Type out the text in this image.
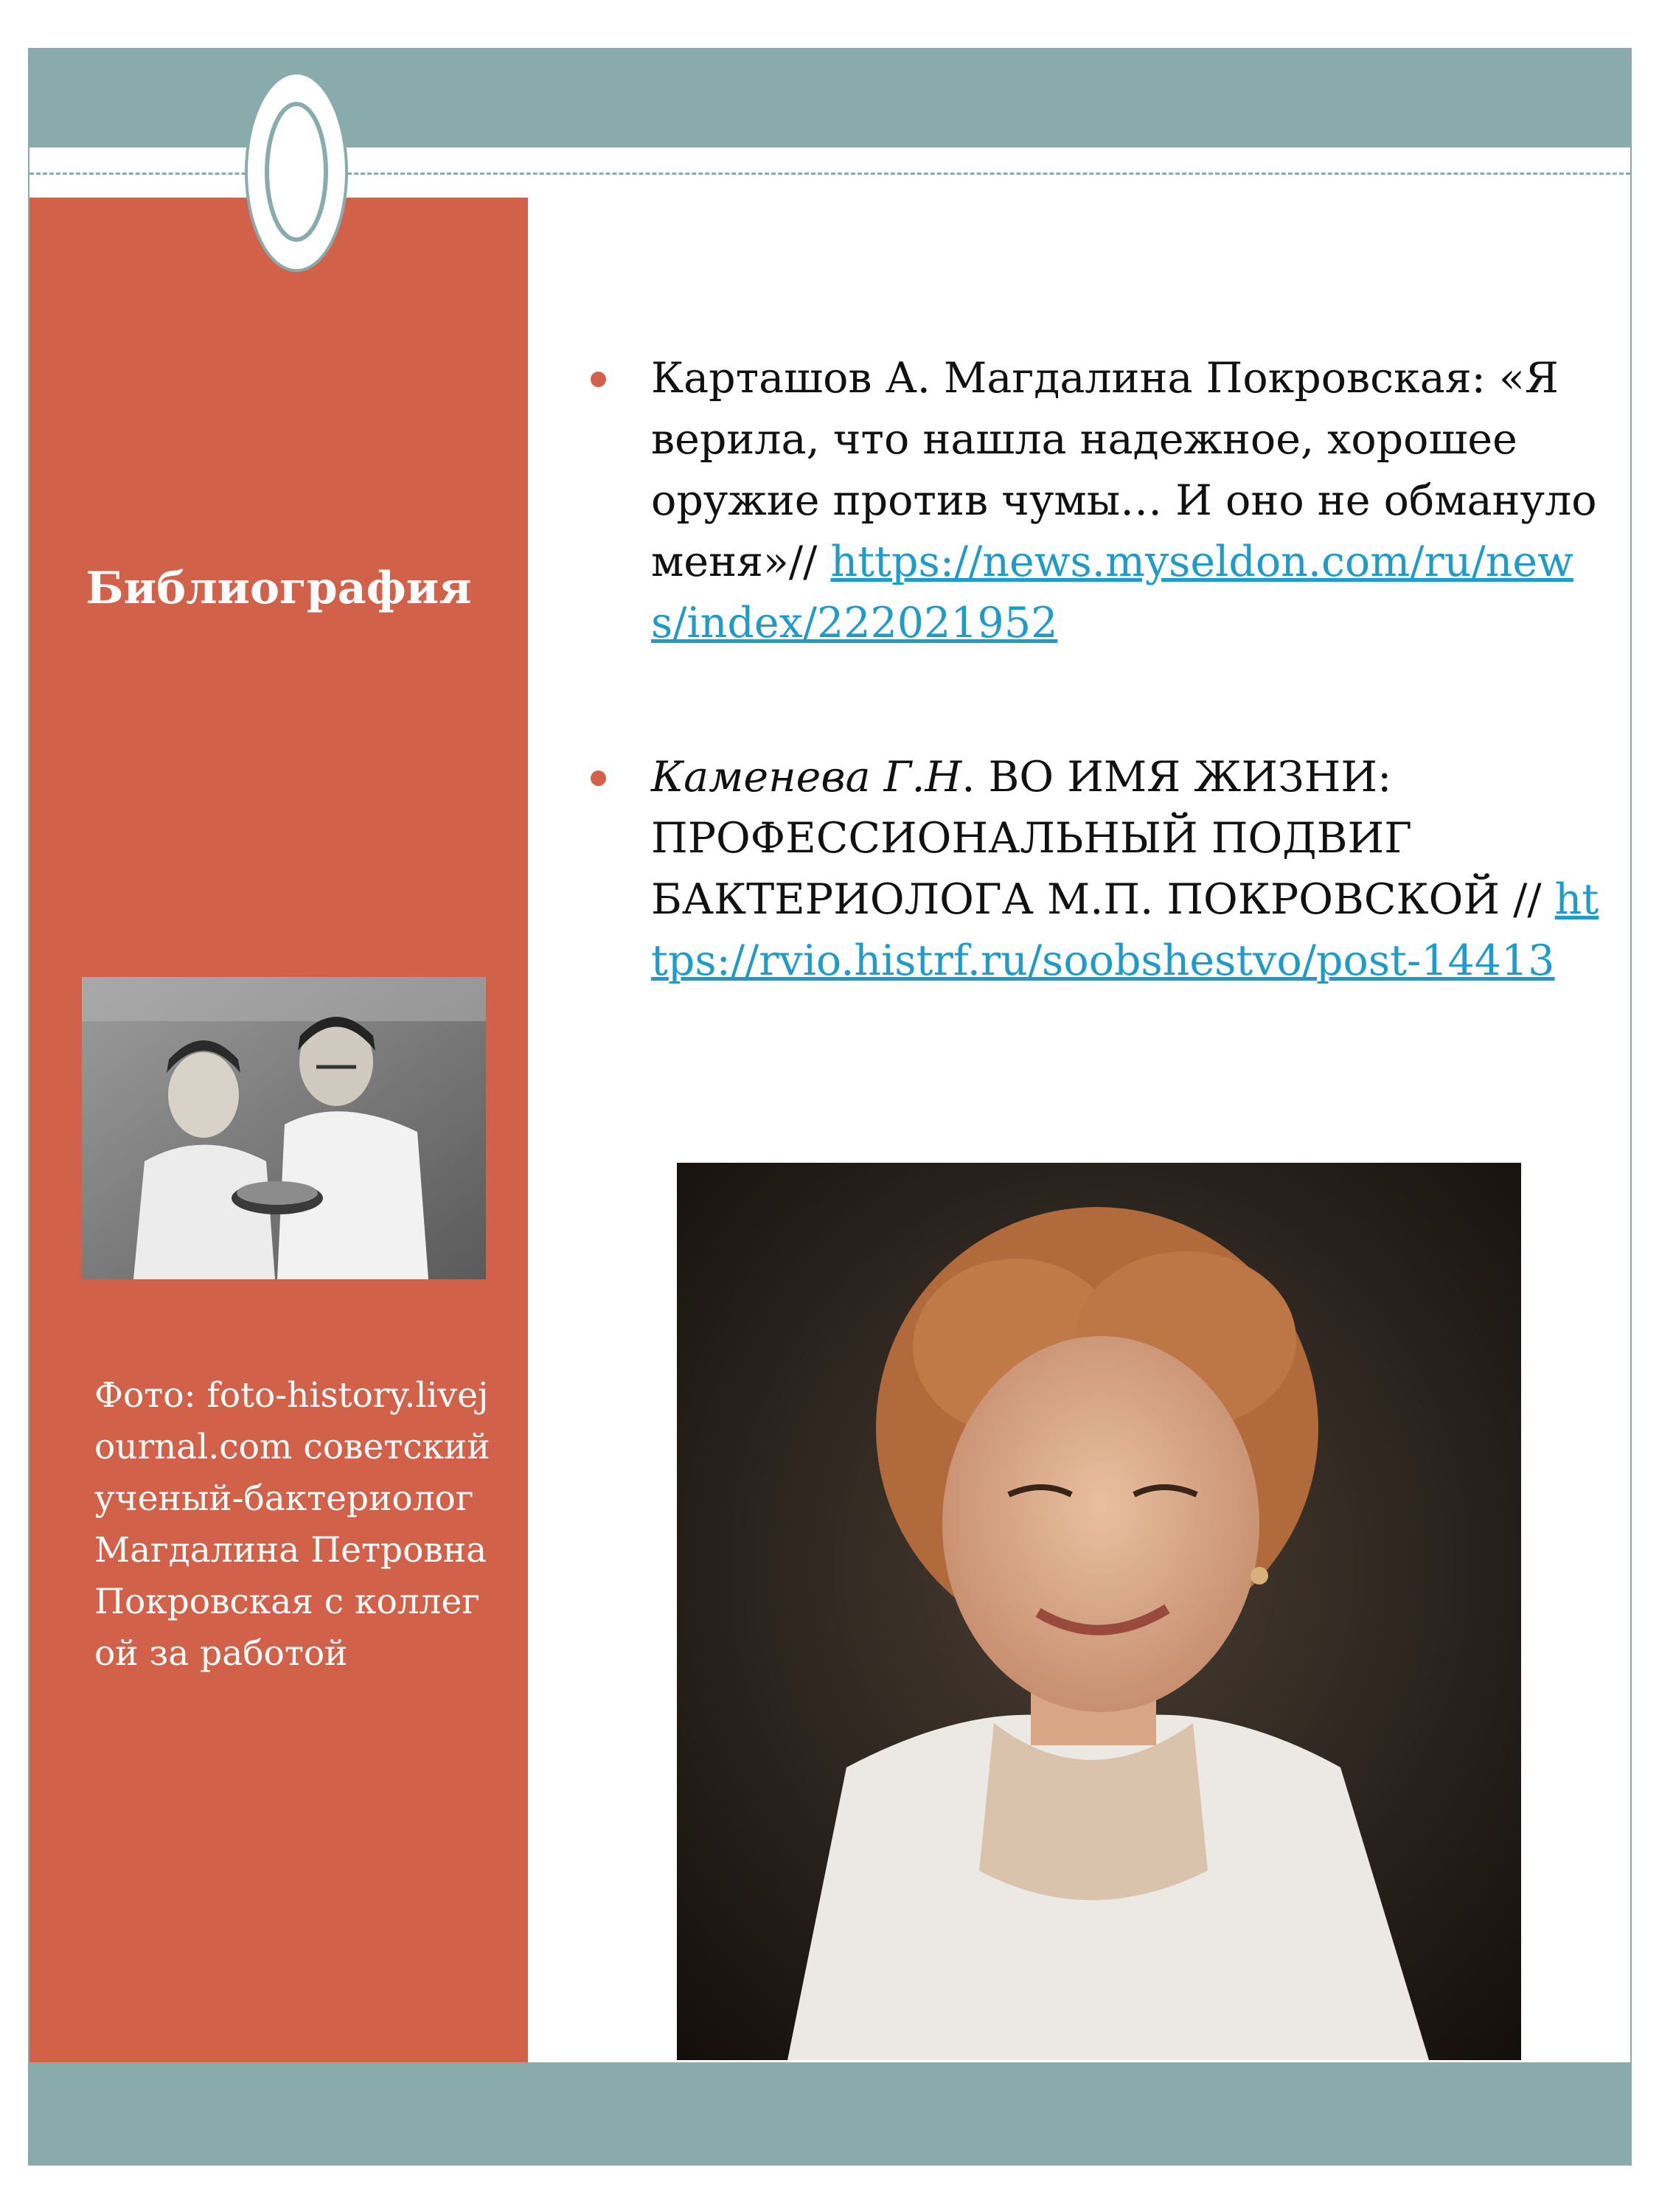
Библиография

Фото: foto-history.livejournal.com советский ученый-бактериолог Магдалина Петровна Покровская с коллегой за работой

Карташов А. Магдалина Покровская: «Я верила, что нашла надежное, хорошее оружие против чумы… И оно не обмануло меня»// https://news.myseldon.com/ru/news/index/222021952
Каменева Г.Н. ВО ИМЯ ЖИЗНИ: ПРОФЕССИОНАЛЬНЫЙ ПОДВИГ БАКТЕРИОЛОГА М.П. ПОКРОВСКОЙ // https://rvio.histrf.ru/soobshestvo/post-14413
